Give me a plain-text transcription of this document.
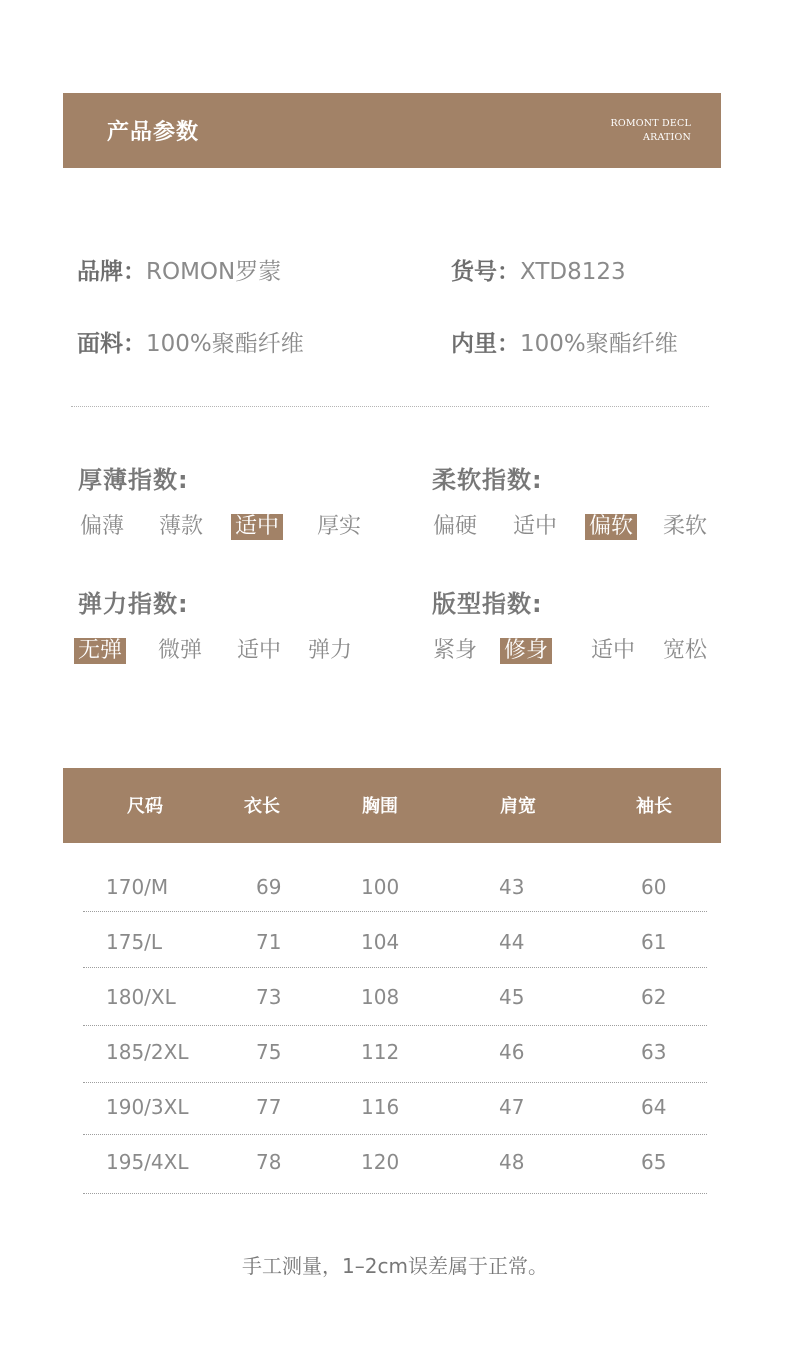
产品参数	ROMONT DECL
ARATION
品牌：ROMON罗蒙	货号：XTD8123
面料：100%聚酯纤维	内里：100%聚酯纤维
厚薄指数:
偏薄 薄款 适中 厚实
柔软指数:
偏硬 适中 偏软 柔软
弹力指数:
无弹 微弹 适中 弹力
版型指数:
紧身 修身 适中 宽松
尺码	衣长	胸围	肩宽	袖长
170/M	69	100	43	60
175/L	71	104	44	61
180/XL	73	108	45	62
185/2XL	75	112	46	63
190/3XL	77	116	47	64
195/4XL	78	120	48	65
手工测量，1–2cm误差属于正常。
